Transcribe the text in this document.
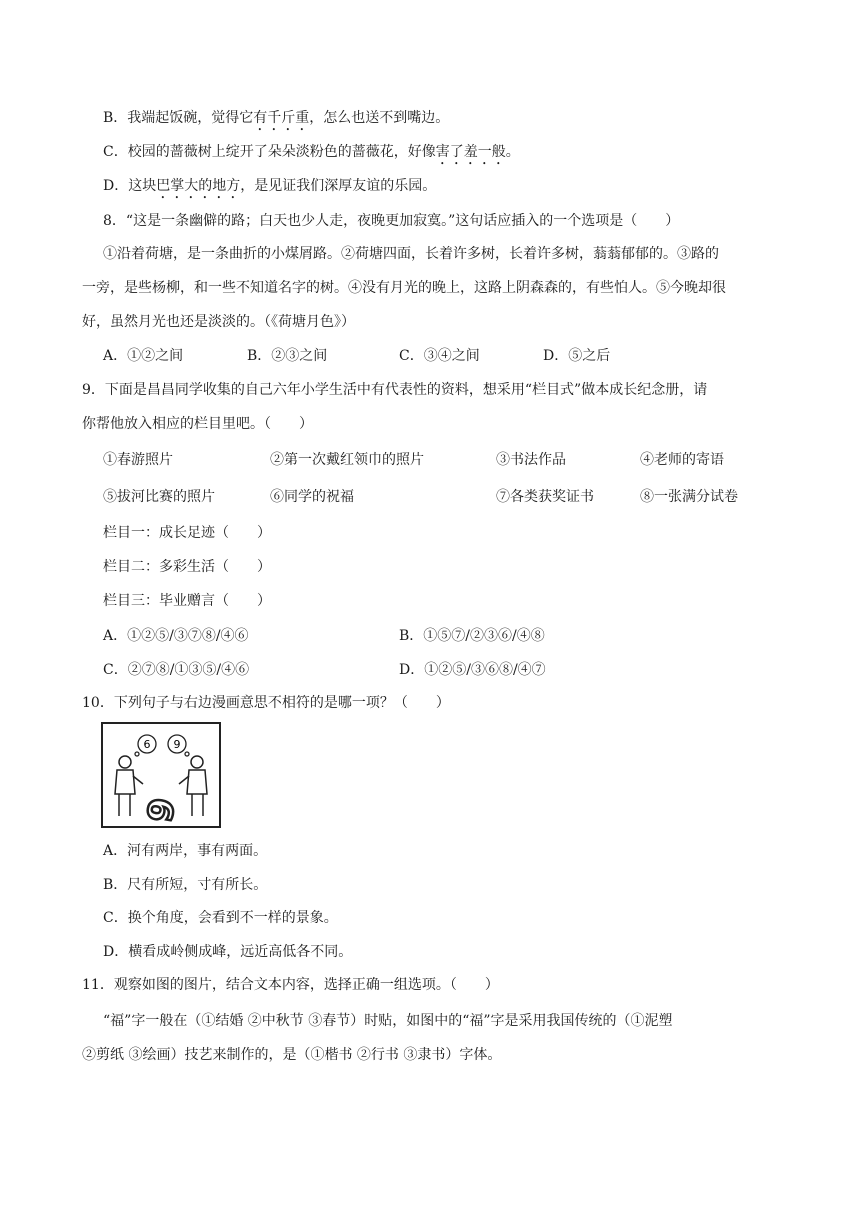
B．我端起饭碗，觉得它有千斤重，怎么也送不到嘴边。
C．校园的蔷薇树上绽开了朵朵淡粉色的蔷薇花，好像害了羞一般。
D．这块巴掌大的地方，是见证我们深厚友谊的乐园。
8．“这是一条幽僻的路；白天也少人走，夜晚更加寂寞。”这句话应插入的一个选项是（　　）
①沿着荷塘，是一条曲折的小煤屑路。②荷塘四面，长着许多树，长着许多树，蓊蓊郁郁的。③路的
一旁，是些杨柳，和一些不知道名字的树。④没有月光的晚上，这路上阴森森的，有些怕人。⑤今晚却很
好，虽然月光也还是淡淡的。（《荷塘月色》）
A．①②之间	B．②③之间	C．③④之间	D．⑤之后
9．下面是昌昌同学收集的自己六年小学生活中有代表性的资料，想采用“栏目式”做本成长纪念册，请
你帮他放入相应的栏目里吧。（　　）
①春游照片	②第一次戴红领巾的照片	③书法作品	④老师的寄语
⑤拔河比赛的照片	⑥同学的祝福	⑦各类获奖证书	⑧一张满分试卷
栏目一：成长足迹（　　）
栏目二：多彩生活（　　）
栏目三：毕业赠言（　　）
A．①②⑤/③⑦⑧/④⑥	B．①⑤⑦/②③⑥/④⑧
C．②⑦⑧/①③⑤/④⑥	D．①②⑤/③⑥⑧/④⑦
10．下列句子与右边漫画意思不相符的是哪一项？（　　）
6 9
9
A．河有两岸，事有两面。
B．尺有所短，寸有所长。
C．换个角度，会看到不一样的景象。
D．横看成岭侧成峰，远近高低各不同。
11．观察如图的图片，结合文本内容，选择正确一组选项。（　　）
“福”字一般在（①结婚 ②中秋节 ③春节）时贴，如图中的“福”字是采用我国传统的（①泥塑
②剪纸 ③绘画）技艺来制作的，是（①楷书 ②行书 ③隶书）字体。
